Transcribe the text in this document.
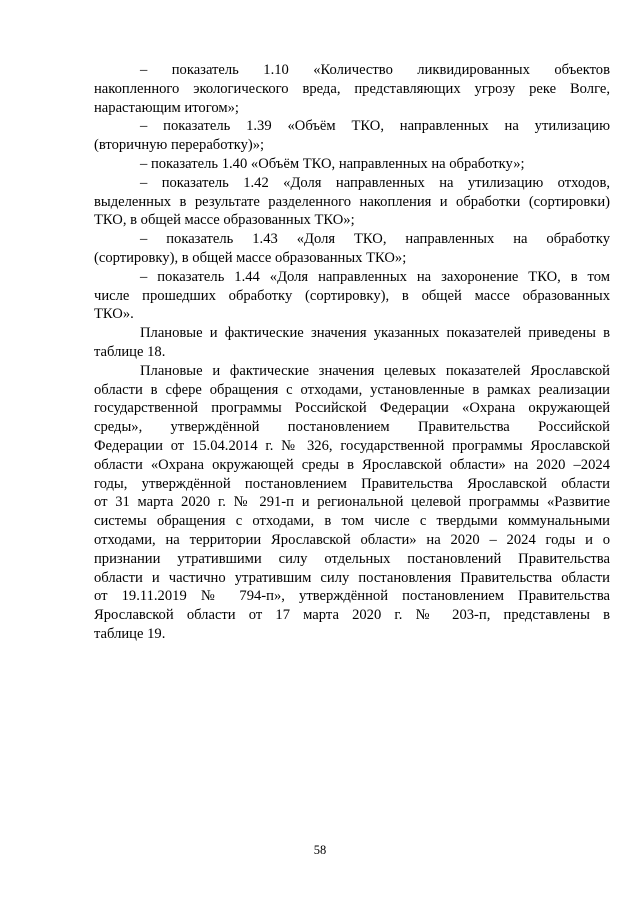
– показатель 1.10 «Количество ликвидированных объектов
накопленного экологического вреда, представляющих угрозу реке Волге,
нарастающим итогом»;

– показатель 1.39 «Объём ТКО, направленных на утилизацию
(вторичную переработку)»;

– показатель 1.40 «Объём ТКО, направленных на обработку»;

– показатель 1.42 «Доля направленных на утилизацию отходов,
выделенных в результате разделенного накопления и обработки (сортировки)
ТКО, в общей массе образованных ТКО»;

– показатель 1.43 «Доля ТКО, направленных на обработку
(сортировку), в общей массе образованных ТКО»;

– показатель 1.44 «Доля направленных на захоронение ТКО, в том
числе прошедших обработку (сортировку), в общей массе образованных
ТКО».

Плановые и фактические значения указанных показателей приведены в
таблице 18.

Плановые и фактические значения целевых показателей Ярославской
области в сфере обращения с отходами, установленные в рамках реализации
государственной программы Российской Федерации «Охрана окружающей
среды», утверждённой постановлением Правительства Российской
Федерации от 15.04.2014 г. № 326, государственной программы Ярославской
области «Охрана окружающей среды в Ярославской области» на 2020 –2024
годы, утверждённой постановлением Правительства Ярославской области
от 31 марта 2020 г. № 291-п и региональной целевой программы «Развитие
системы обращения с отходами, в том числе с твердыми коммунальными
отходами, на территории Ярославской области» на 2020 – 2024 годы и о
признании утратившими силу отдельных постановлений Правительства
области и частично утратившим силу постановления Правительства области
от 19.11.2019 № 794-п», утверждённой постановлением Правительства
Ярославской области от 17 марта 2020 г. № 203-п, представлены в
таблице 19.

58
